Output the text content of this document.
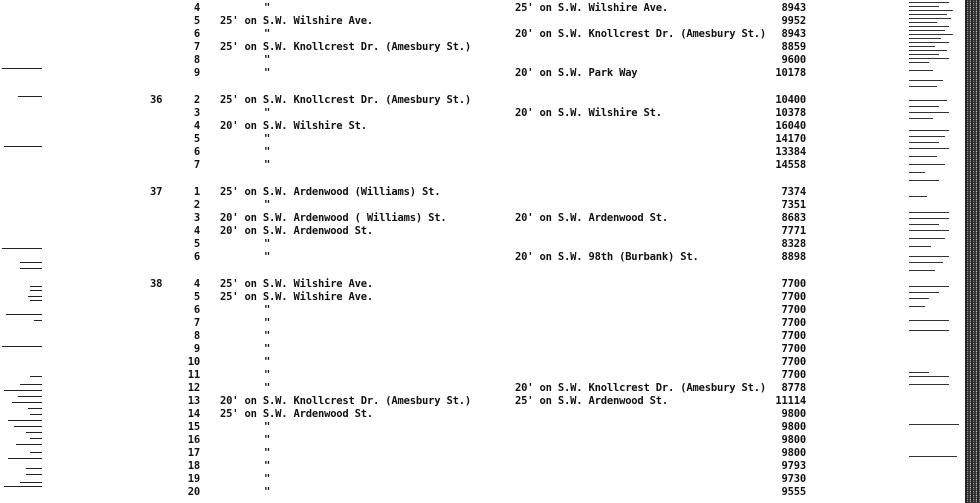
4	"	25' on S.W. Wilshire Ave.	8943
5 25' on S.W. Wilshire Ave.	9952
6	"	20' on S.W. Knollcrest Dr. (Amesbury St.)	8943
7 25' on S.W. Knollcrest Dr. (Amesbury St.)	8859
8	"	9600
9	"	20' on S.W. Park Way	10178
36	2 25' on S.W. Knollcrest Dr. (Amesbury St.)	10400
3	"	20' on S.W. Wilshire St.	10378
4 20' on S.W. Wilshire St.	16040
5	"	14170
6	"	13384
7	"	14558
37	1 25' on S.W. Ardenwood (Williams) St.	7374
2	"	7351
3 20' on S.W. Ardenwood ( Williams) St.	20' on S.W. Ardenwood St.	8683
4 20' on S.W. Ardenwood St.	7771
5	"	8328
6	"	20' on S.W. 98th (Burbank) St.	8898
38	4 25' on S.W. Wilshire Ave.	7700
5 25' on S.W. Wilshire Ave.	7700
6	"	7700
7	"	7700
8	"	7700
9	"	7700
10	"	7700
11	"	7700
12	"	20' on S.W. Knollcrest Dr. (Amesbury St.)	8778
13 20' on S.W. Knollcrest Dr. (Amesbury St.)	25' on S.W. Ardenwood St.	11114
14 25' on S.W. Ardenwood St.	9800
15	"	9800
16	"	9800
17	"	9800
18	"	9793
19	"	9730
20	"	9555
